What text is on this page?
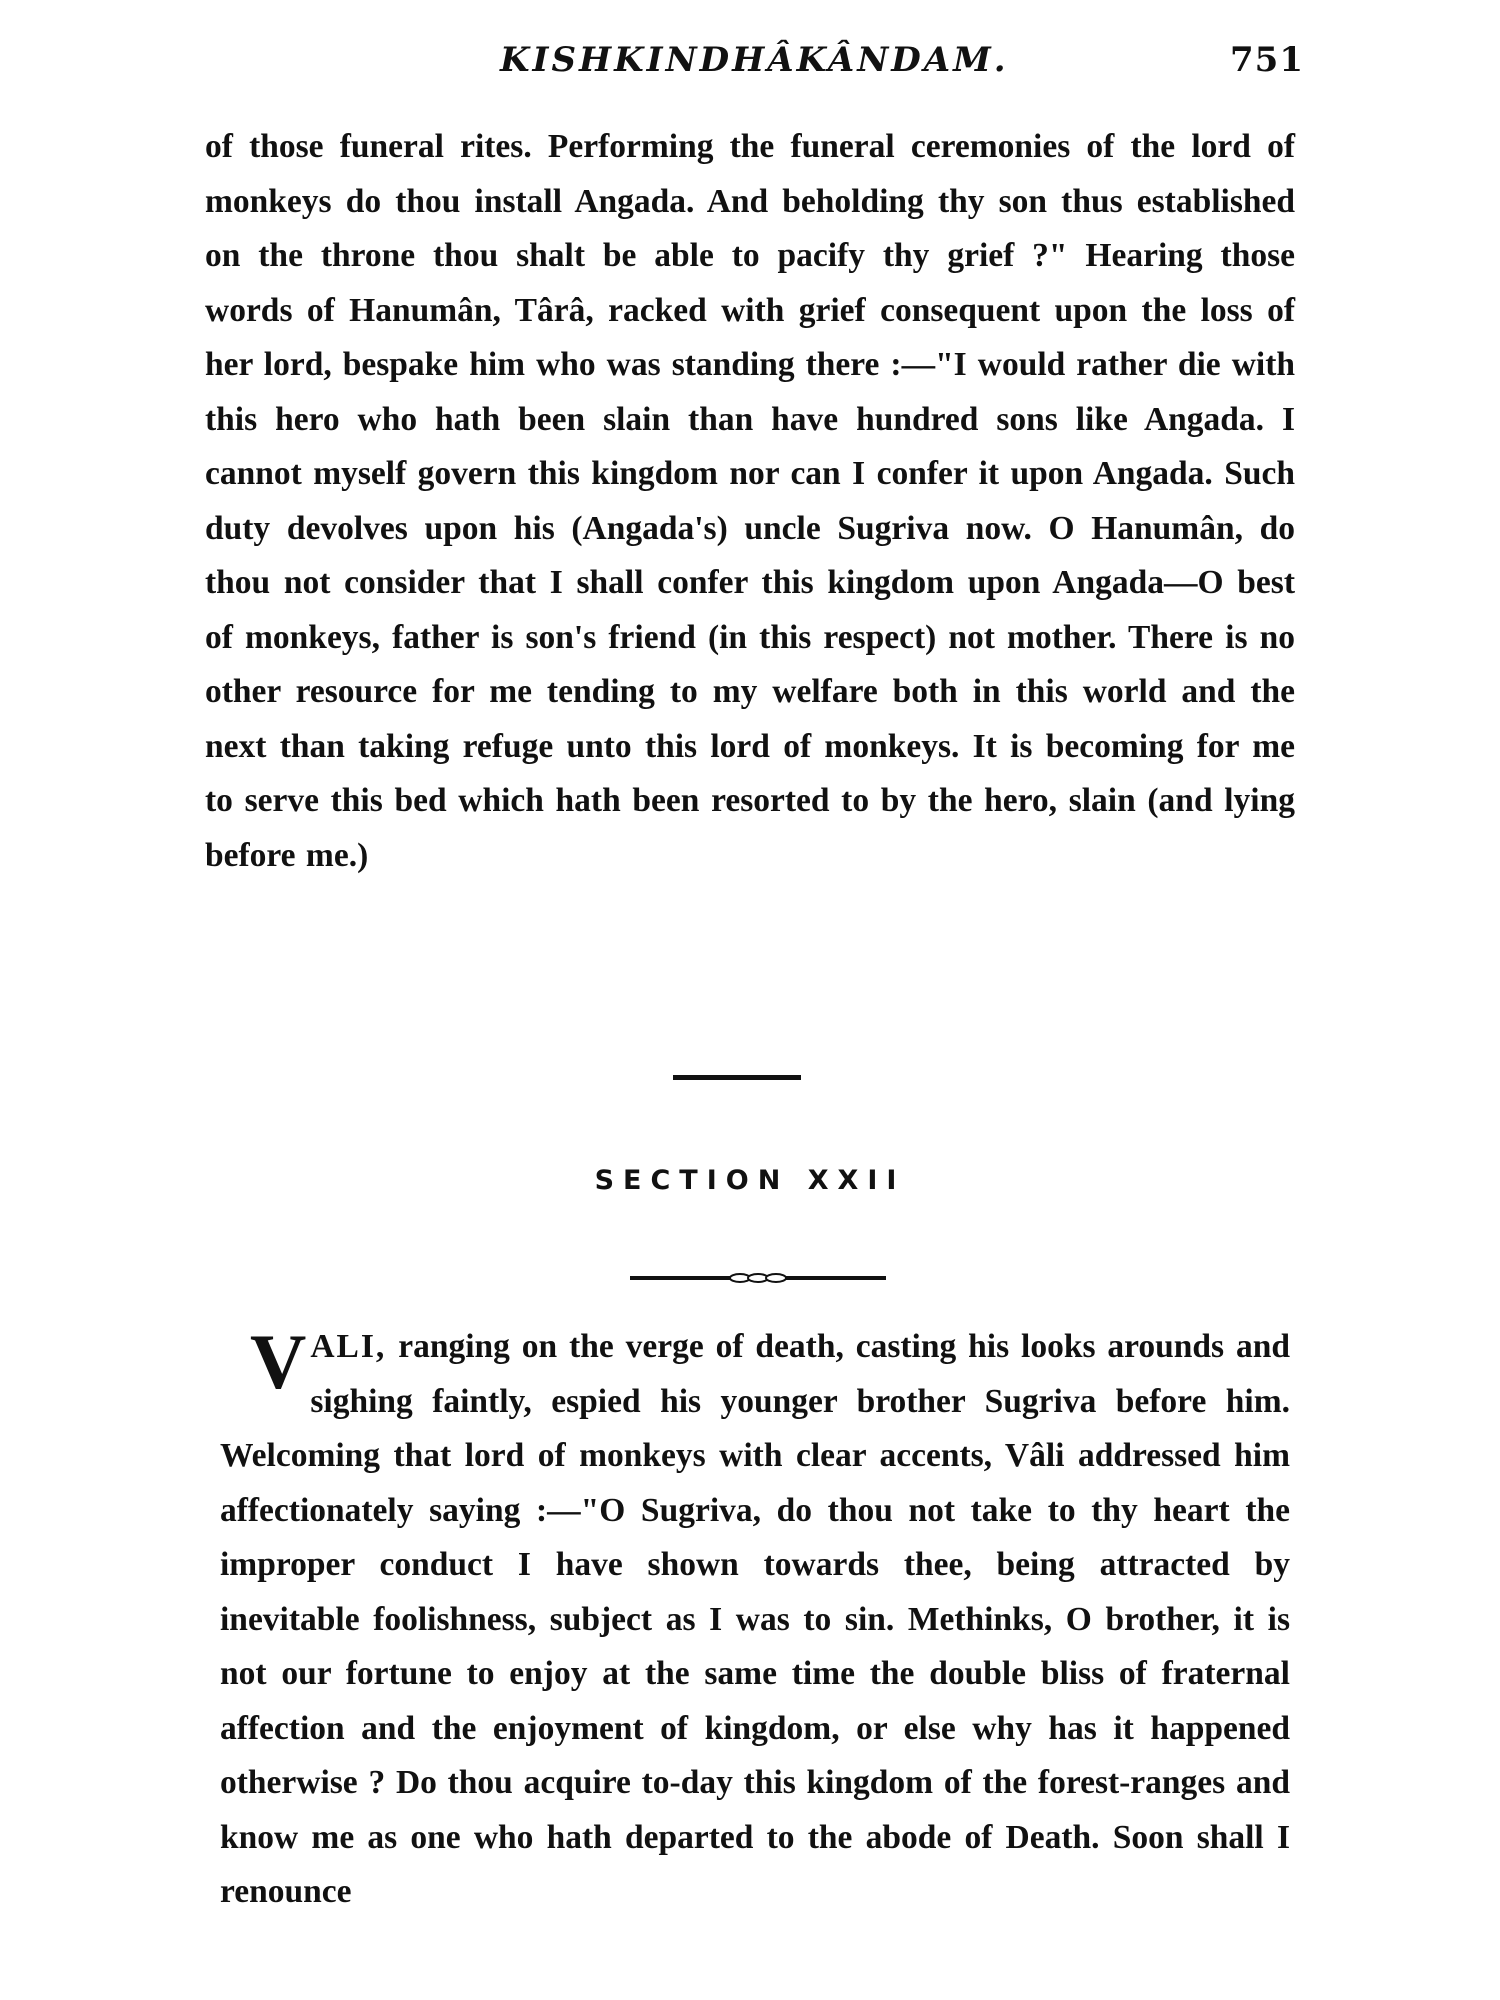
KISHKINDHÂKÂNDAM.	751

of those funeral rites. Performing the funeral ceremonies of the lord of monkeys do thou install Angada. And beholding thy son thus established on the throne thou shalt be able to pacify thy grief ?" Hearing those words of Hanumân, Târâ, racked with grief consequent upon the loss of her lord, bespake him who was standing there :—"I would rather die with this hero who hath been slain than have hundred sons like Angada. I cannot myself govern this kingdom nor can I confer it upon Angada. Such duty devolves upon his (Angada's) uncle Sugriva now. O Hanumân, do thou not consider that I shall confer this kingdom upon Angada—O best of monkeys, father is son's friend (in this respect) not mother. There is no other resource for me tending to my welfare both in this world and the next than taking refuge unto this lord of monkeys. It is becoming for me to serve this bed which hath been resorted to by the hero, slain (and lying before me.)

SECTION XXII

VALI, ranging on the verge of death, casting his looks arounds and sighing faintly, espied his younger brother Sugriva before him. Welcoming that lord of monkeys with clear accents, Vâli addressed him affectionately saying :—"O Sugriva, do thou not take to thy heart the improper conduct I have shown towards thee, being attracted by inevitable foolishness, subject as I was to sin. Methinks, O brother, it is not our fortune to enjoy at the same time the double bliss of fraternal affection and the enjoyment of kingdom, or else why has it happened otherwise ? Do thou acquire to-day this kingdom of the forest-ranges and know me as one who hath departed to the abode of Death. Soon shall I renounce
